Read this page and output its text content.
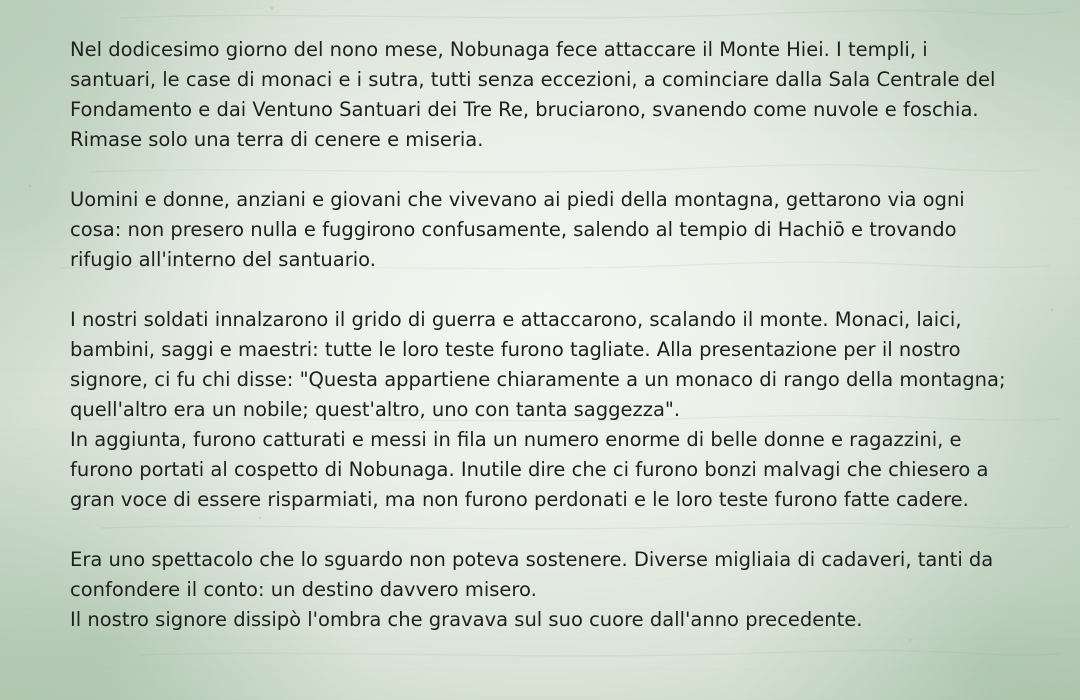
Nel dodicesimo giorno del nono mese, Nobunaga fece attaccare il Monte Hiei. I templi, i
santuari, le case di monaci e i sutra, tutti senza eccezioni, a cominciare dalla Sala Centrale del
Fondamento e dai Ventuno Santuari dei Tre Re, bruciarono, svanendo come nuvole e foschia.
Rimase solo una terra di cenere e miseria.

Uomini e donne, anziani e giovani che vivevano ai piedi della montagna, gettarono via ogni
cosa: non presero nulla e fuggirono confusamente, salendo al tempio di Hachiō e trovando
rifugio all'interno del santuario.

I nostri soldati innalzarono il grido di guerra e attaccarono, scalando il monte. Monaci, laici,
bambini, saggi e maestri: tutte le loro teste furono tagliate. Alla presentazione per il nostro
signore, ci fu chi disse: "Questa appartiene chiaramente a un monaco di rango della montagna;
quell'altro era un nobile; quest'altro, uno con tanta saggezza".
In aggiunta, furono catturati e messi in fila un numero enorme di belle donne e ragazzini, e
furono portati al cospetto di Nobunaga. Inutile dire che ci furono bonzi malvagi che chiesero a
gran voce di essere risparmiati, ma non furono perdonati e le loro teste furono fatte cadere.

Era uno spettacolo che lo sguardo non poteva sostenere. Diverse migliaia di cadaveri, tanti da
confondere il conto: un destino davvero misero.
Il nostro signore dissipò l'ombra che gravava sul suo cuore dall'anno precedente.
